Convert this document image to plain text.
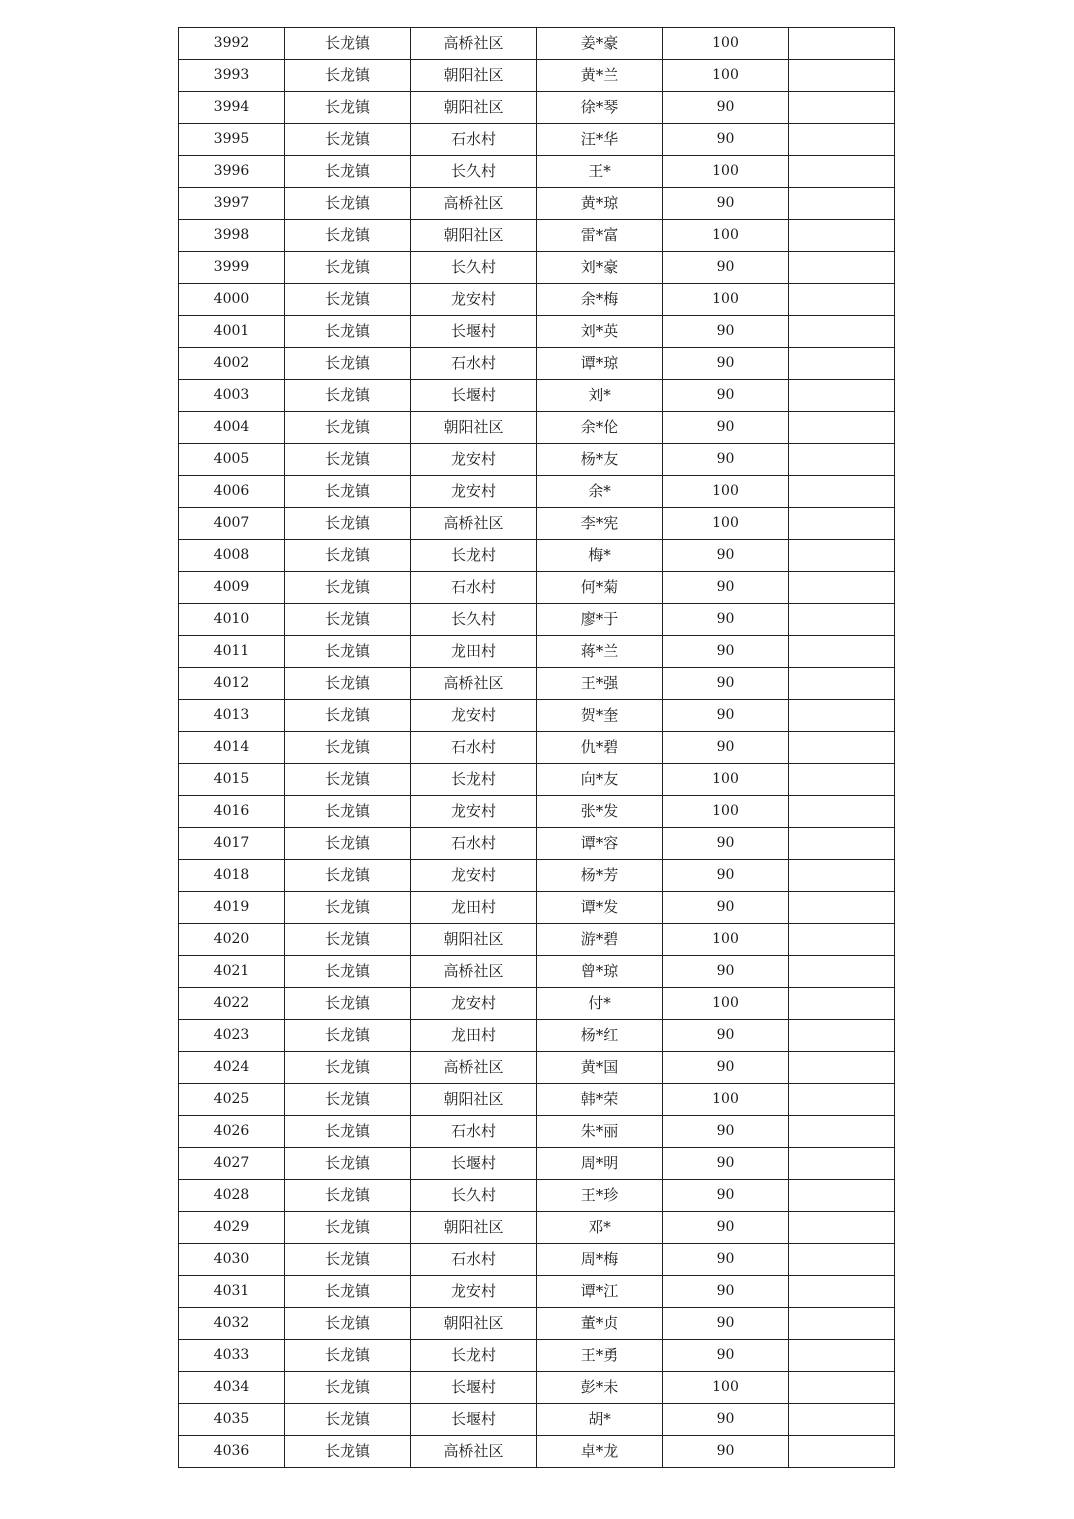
3992	长龙镇	高桥社区	姜*豪	100	
3993	长龙镇	朝阳社区	黄*兰	100	
3994	长龙镇	朝阳社区	徐*琴	90	
3995	长龙镇	石水村	汪*华	90	
3996	长龙镇	长久村	王*	100	
3997	长龙镇	高桥社区	黄*琼	90	
3998	长龙镇	朝阳社区	雷*富	100	
3999	长龙镇	长久村	刘*豪	90	
4000	长龙镇	龙安村	余*梅	100	
4001	长龙镇	长堰村	刘*英	90	
4002	长龙镇	石水村	谭*琼	90	
4003	长龙镇	长堰村	刘*	90	
4004	长龙镇	朝阳社区	余*伦	90	
4005	长龙镇	龙安村	杨*友	90	
4006	长龙镇	龙安村	余*	100	
4007	长龙镇	高桥社区	李*宪	100	
4008	长龙镇	长龙村	梅*	90	
4009	长龙镇	石水村	何*菊	90	
4010	长龙镇	长久村	廖*于	90	
4011	长龙镇	龙田村	蒋*兰	90	
4012	长龙镇	高桥社区	王*强	90	
4013	长龙镇	龙安村	贺*奎	90	
4014	长龙镇	石水村	仇*碧	90	
4015	长龙镇	长龙村	向*友	100	
4016	长龙镇	龙安村	张*发	100	
4017	长龙镇	石水村	谭*容	90	
4018	长龙镇	龙安村	杨*芳	90	
4019	长龙镇	龙田村	谭*发	90	
4020	长龙镇	朝阳社区	游*碧	100	
4021	长龙镇	高桥社区	曾*琼	90	
4022	长龙镇	龙安村	付*	100	
4023	长龙镇	龙田村	杨*红	90	
4024	长龙镇	高桥社区	黄*国	90	
4025	长龙镇	朝阳社区	韩*荣	100	
4026	长龙镇	石水村	朱*丽	90	
4027	长龙镇	长堰村	周*明	90	
4028	长龙镇	长久村	王*珍	90	
4029	长龙镇	朝阳社区	邓*	90	
4030	长龙镇	石水村	周*梅	90	
4031	长龙镇	龙安村	谭*江	90	
4032	长龙镇	朝阳社区	董*贞	90	
4033	长龙镇	长龙村	王*勇	90	
4034	长龙镇	长堰村	彭*未	100	
4035	长龙镇	长堰村	胡*	90	
4036	长龙镇	高桥社区	卓*龙	90	
